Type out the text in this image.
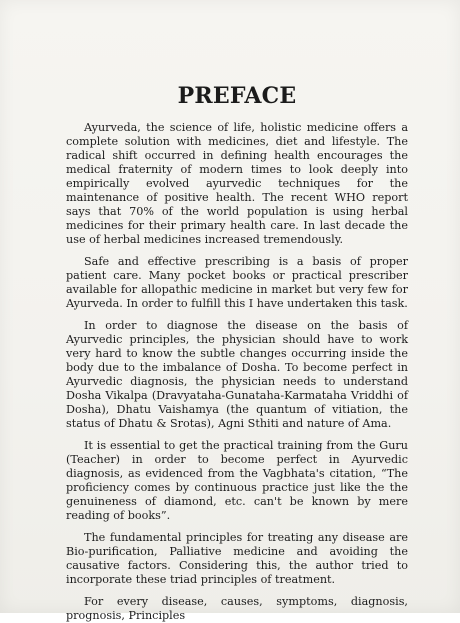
PREFACE

Ayurveda, the science of life, holistic medicine offers a complete solution with medicines, diet and lifestyle. The radical shift occurred in defining health encourages the medical fraternity of modern times to look deeply into empirically evolved ayurvedic techniques for the maintenance of positive health. The recent WHO report says that 70% of the world population is using herbal medicines for their primary health care. In last decade the use of herbal medicines increased tremendously.

Safe and effective prescribing is a basis of proper patient care. Many pocket books or practical prescriber available for allopathic medicine in market but very few for Ayurveda. In order to fulfill this I have undertaken this task.

In order to diagnose the disease on the basis of Ayurvedic principles, the physician should have to work very hard to know the subtle changes occurring inside the body due to the imbalance of Dosha. To become perfect in Ayurvedic diagnosis, the physician needs to understand Dosha Vikalpa (Dravyataha-Gunataha-Karmataha Vriddhi of Dosha), Dhatu Vaishamya (the quantum of vitiation, the status of Dhatu & Srotas), Agni Sthiti and nature of Ama.

It is essential to get the practical training from the Guru (Teacher) in order to become perfect in Ayurvedic diagnosis, as evidenced from the Vagbhata's citation, “The proficiency comes by continuous practice just like the the genuineness of diamond, etc. can't be known by mere reading of books”.

The fundamental principles for treating any disease are Bio-purification, Palliative medicine and avoiding the causative factors. Considering this, the author tried to incorporate these triad principles of treatment.

For every disease, causes, symptoms, diagnosis, prognosis, Principles
